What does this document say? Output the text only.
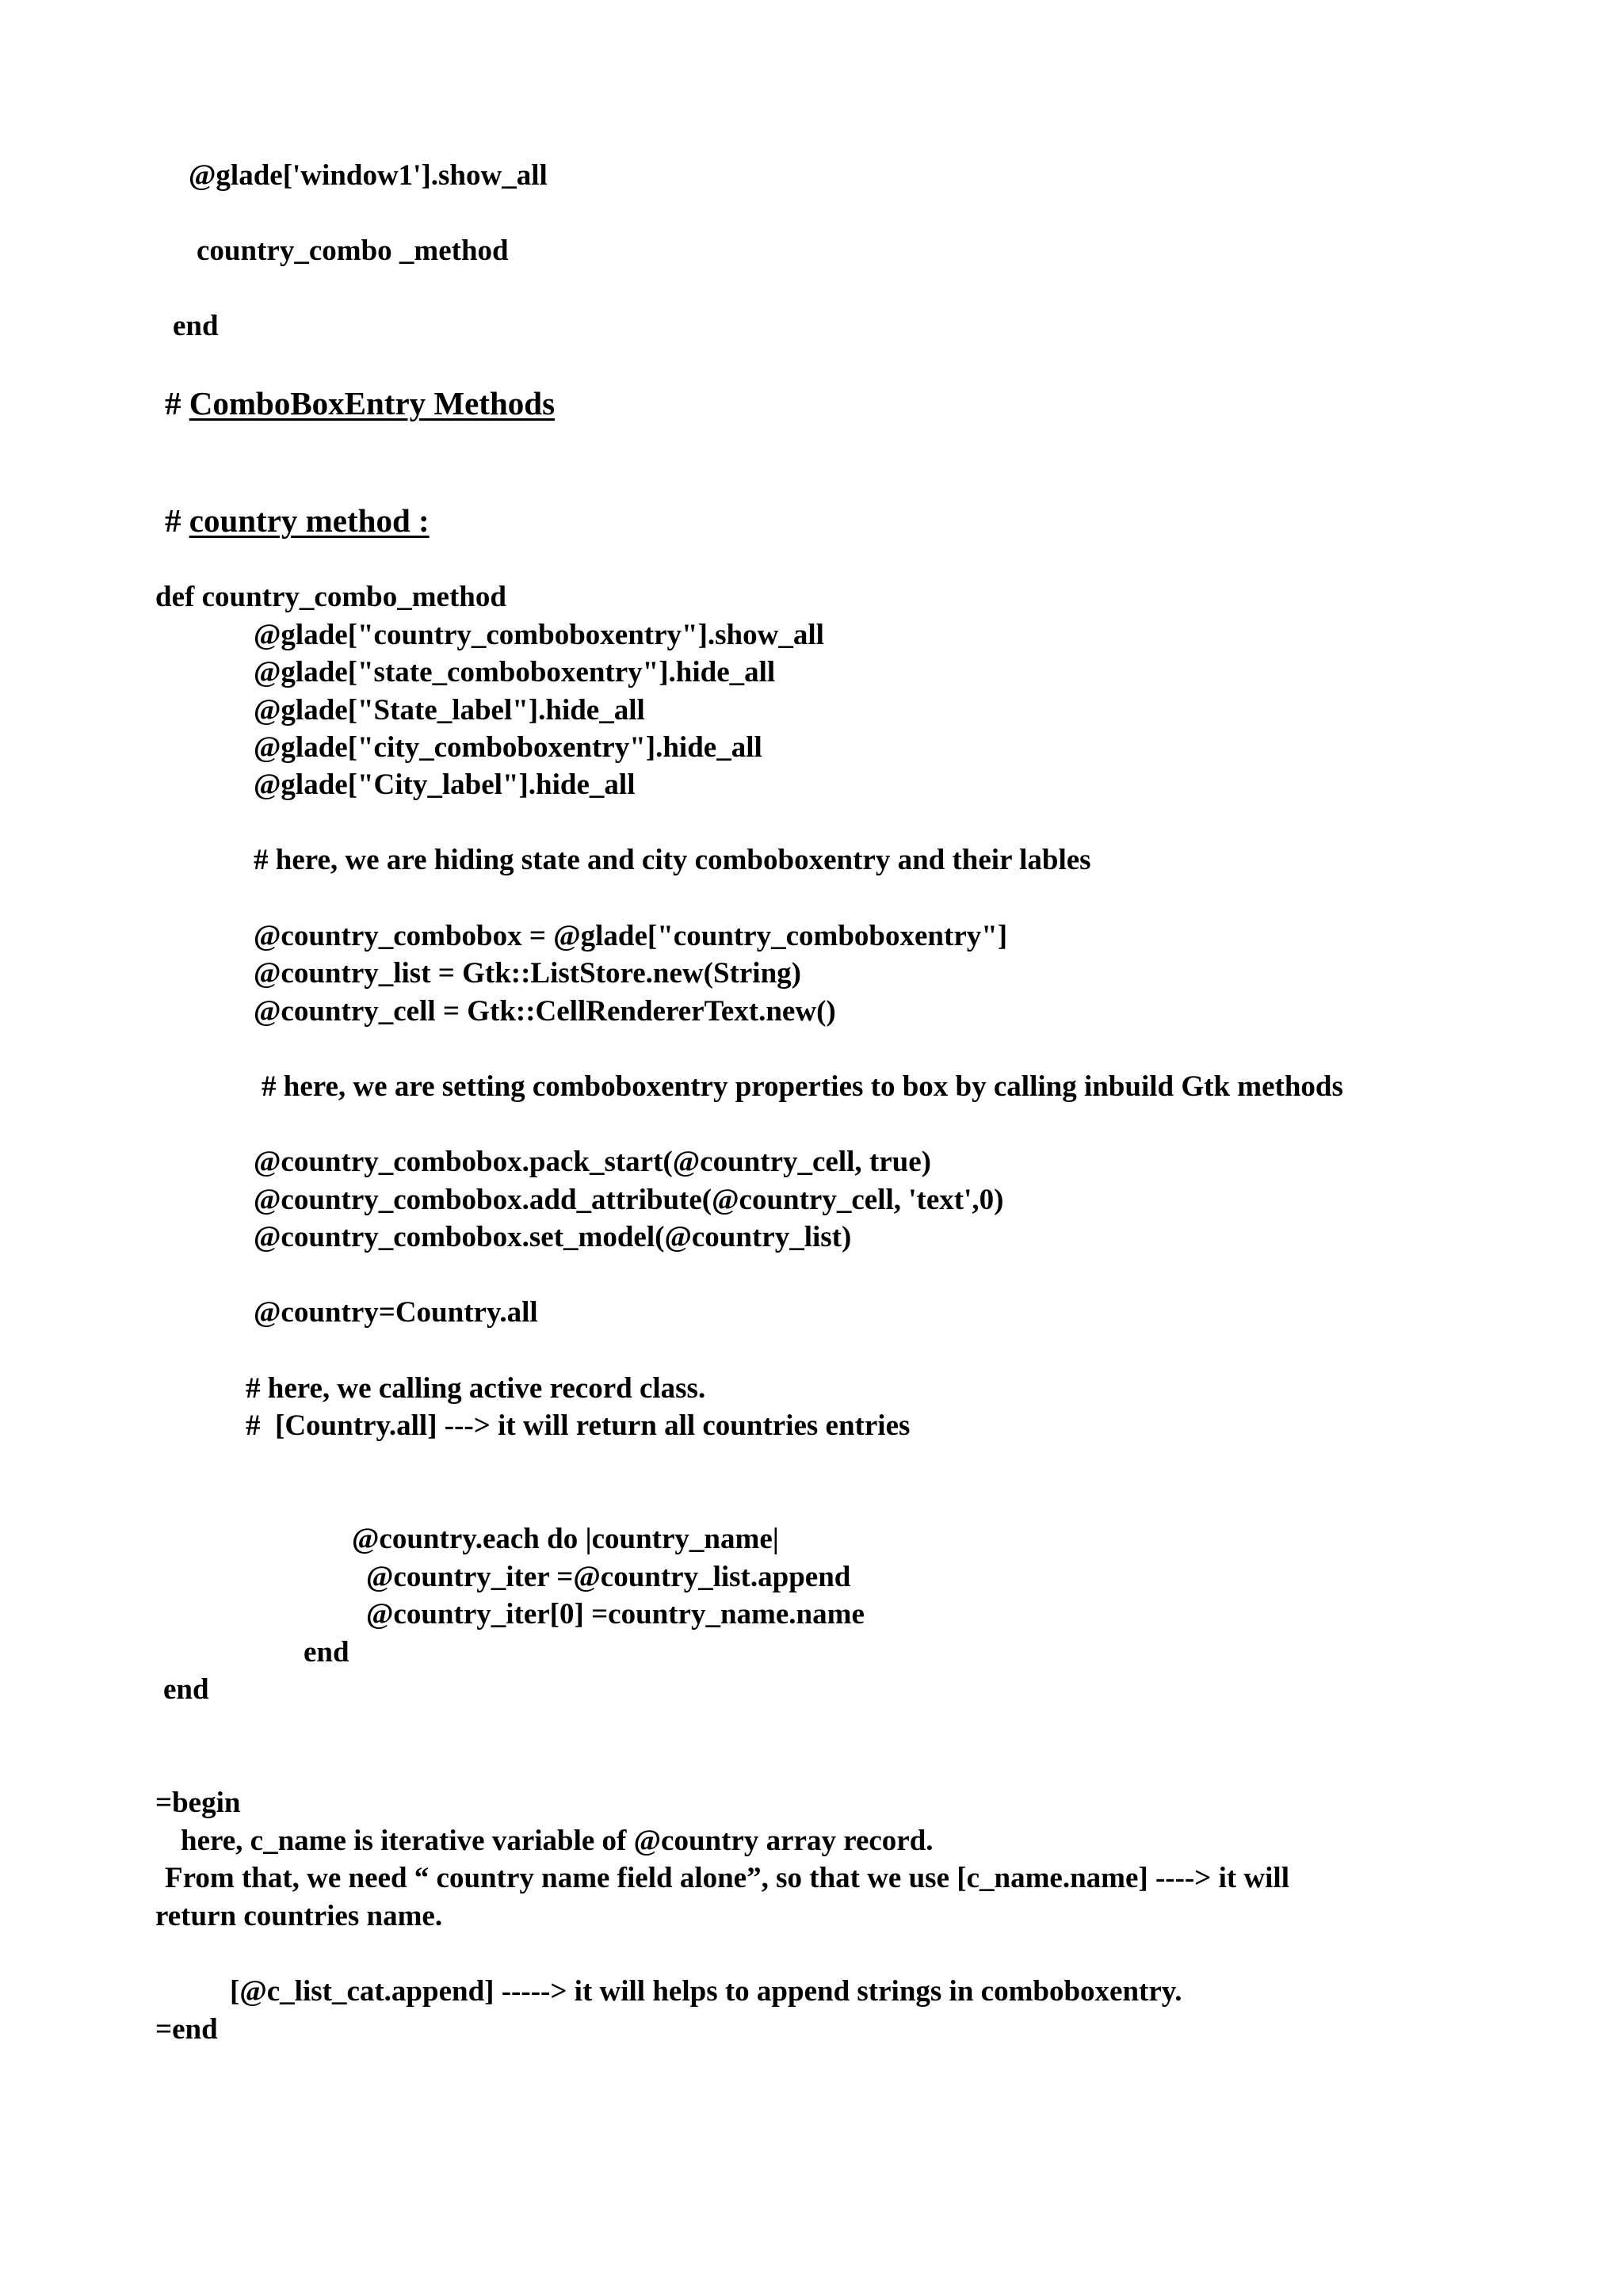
@glade['window1'].show_all
country_combo _method
end
# ComboBoxEntry Methods
# country method :
def country_combo_method
@glade["country_comboboxentry"].show_all
@glade["state_comboboxentry"].hide_all
@glade["State_label"].hide_all
@glade["city_comboboxentry"].hide_all
@glade["City_label"].hide_all
# here, we are hiding state and city comboboxentry and their lables
@country_combobox = @glade["country_comboboxentry"]
@country_list = Gtk::ListStore.new(String)
@country_cell = Gtk::CellRendererText.new()
# here, we are setting comboboxentry properties to box by calling inbuild Gtk methods
@country_combobox.pack_start(@country_cell, true)
@country_combobox.add_attribute(@country_cell, 'text',0)
@country_combobox.set_model(@country_list)
@country=Country.all
# here, we calling active record class.
#  [Country.all] ---> it will return all countries entries
@country.each do |country_name|
@country_iter =@country_list.append
@country_iter[0] =country_name.name
end
end
=begin
here, c_name is iterative variable of @country array record.
From that, we need “ country name field alone”, so that we use [c_name.name] ----> it will
return countries name.
[@c_list_cat.append] -----> it will helps to append strings in comboboxentry.
=end
